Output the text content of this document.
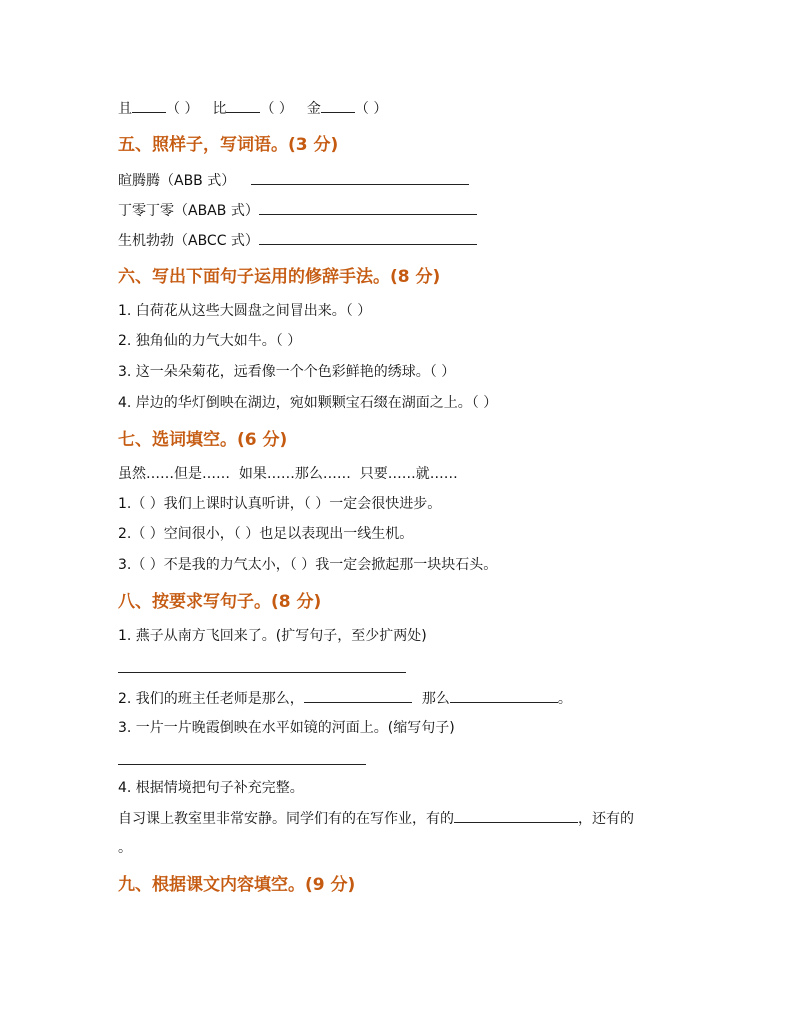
且 （ ） 比 （ ） 金 （ ）
五、照样子，写词语。(3 分)
暄腾腾（ABB 式）
丁零丁零（ABAB 式）
生机勃勃（ABCC 式）
六、写出下面句子运用的修辞手法。(8 分)
1. 白荷花从这些大圆盘之间冒出来。（ ）
2. 独角仙的力气大如牛。（ ）
3. 这一朵朵菊花，远看像一个个色彩鲜艳的绣球。（ ）
4. 岸边的华灯倒映在湖边，宛如颗颗宝石缀在湖面之上。（ ）
七、选词填空。(6 分)
虽然……但是……  如果……那么……  只要……就……
1.（ ）我们上课时认真听讲，（ ）一定会很快进步。
2.（ ）空间很小，（ ）也足以表现出一线生机。
3.（ ）不是我的力气太小，（ ）我一定会掀起那一块块石头。
八、按要求写句子。(8 分)
1. 燕子从南方飞回来了。(扩写句子，至少扩两处)
2. 我们的班主任老师是那么，	那么	。
3. 一片一片晚霞倒映在水平如镜的河面上。(缩写句子)
4. 根据情境把句子补充完整。
自习课上教室里非常安静。同学们有的在写作业，有的	，还有的
。
九、根据课文内容填空。(9 分)
